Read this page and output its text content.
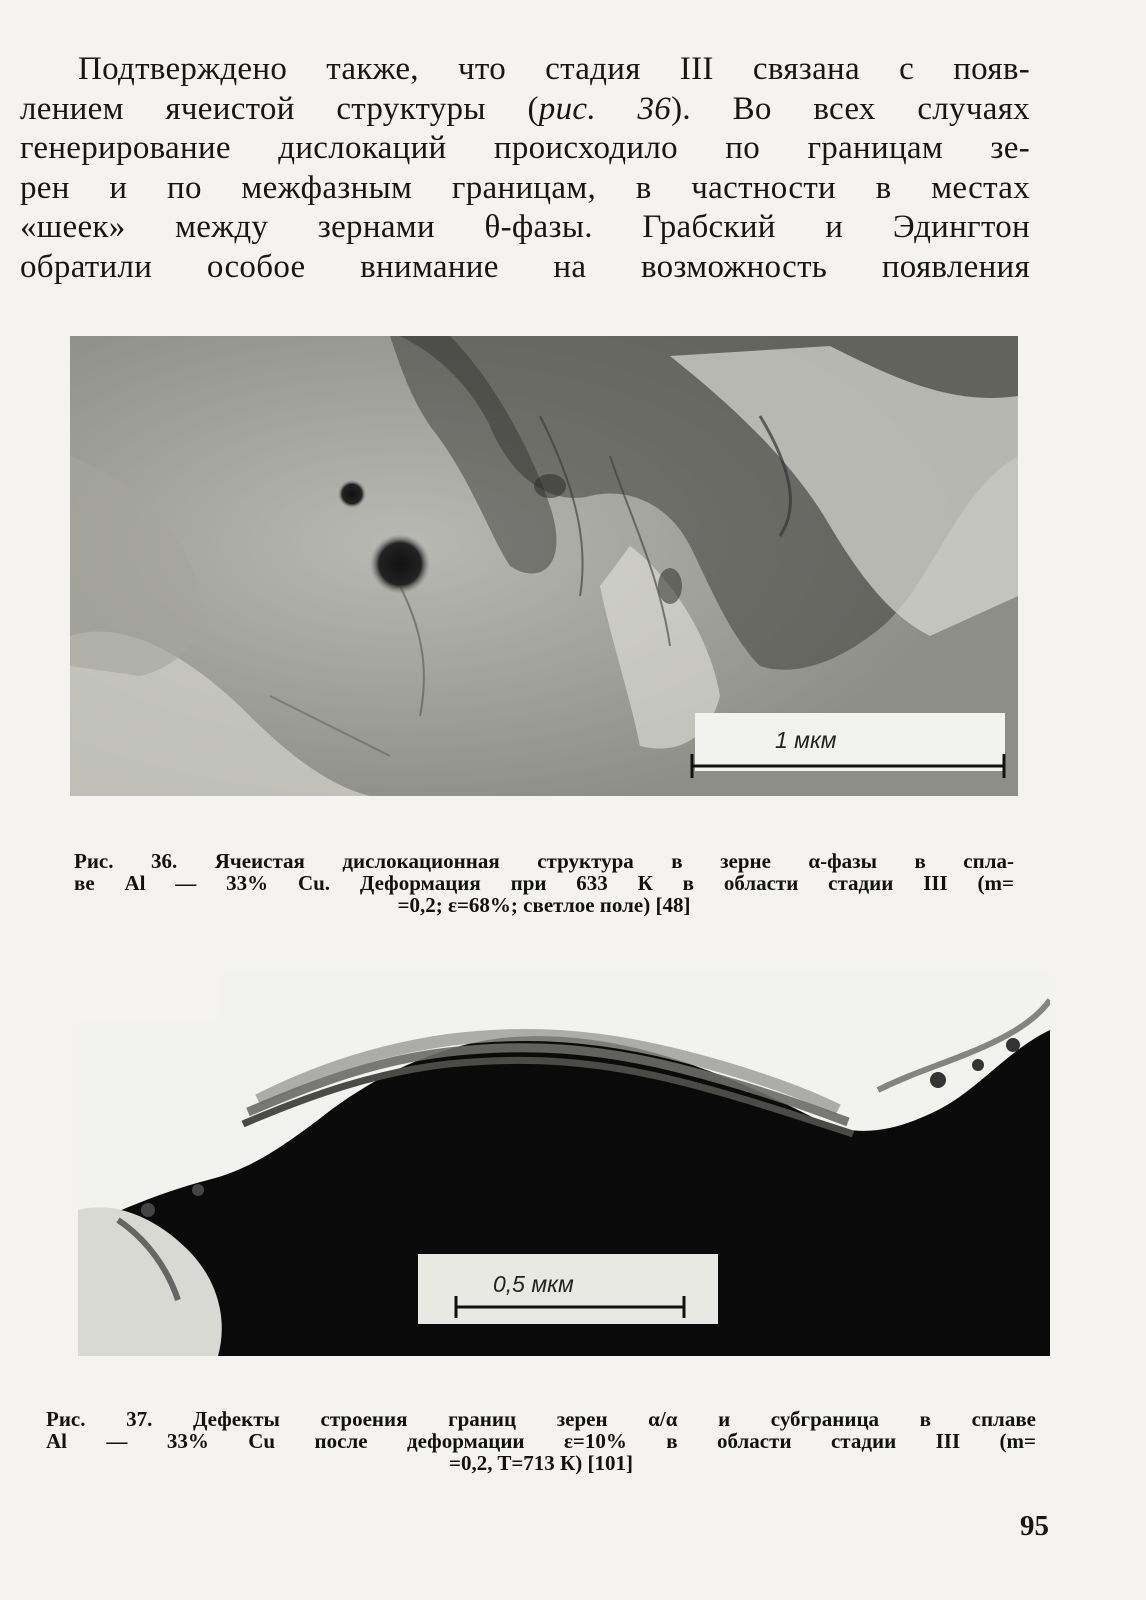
Подтверждено также, что стадия III связана с появ-
лением ячеистой структуры (рис. 36). Во всех случаях
генерирование дислокаций происходило по границам зе-
рен и по межфазным границам, в частности в местах
«шеек» между зернами θ-фазы. Грабский и Эдингтон
обратили особое внимание на возможность появления
1 мкм
Рис. 36. Ячеистая дислокационная структура в зерне α-фазы в спла-
ве Al — 33% Cu. Деформация при 633 К в области стадии III (m=
=0,2; ε=68%; светлое поле) [48]
0,5 мкм
Рис. 37. Дефекты строения границ зерен α/α и субграница в сплаве
Al — 33% Cu после деформации ε=10% в области стадии III (m=
=0,2, T=713 К) [101]
95
